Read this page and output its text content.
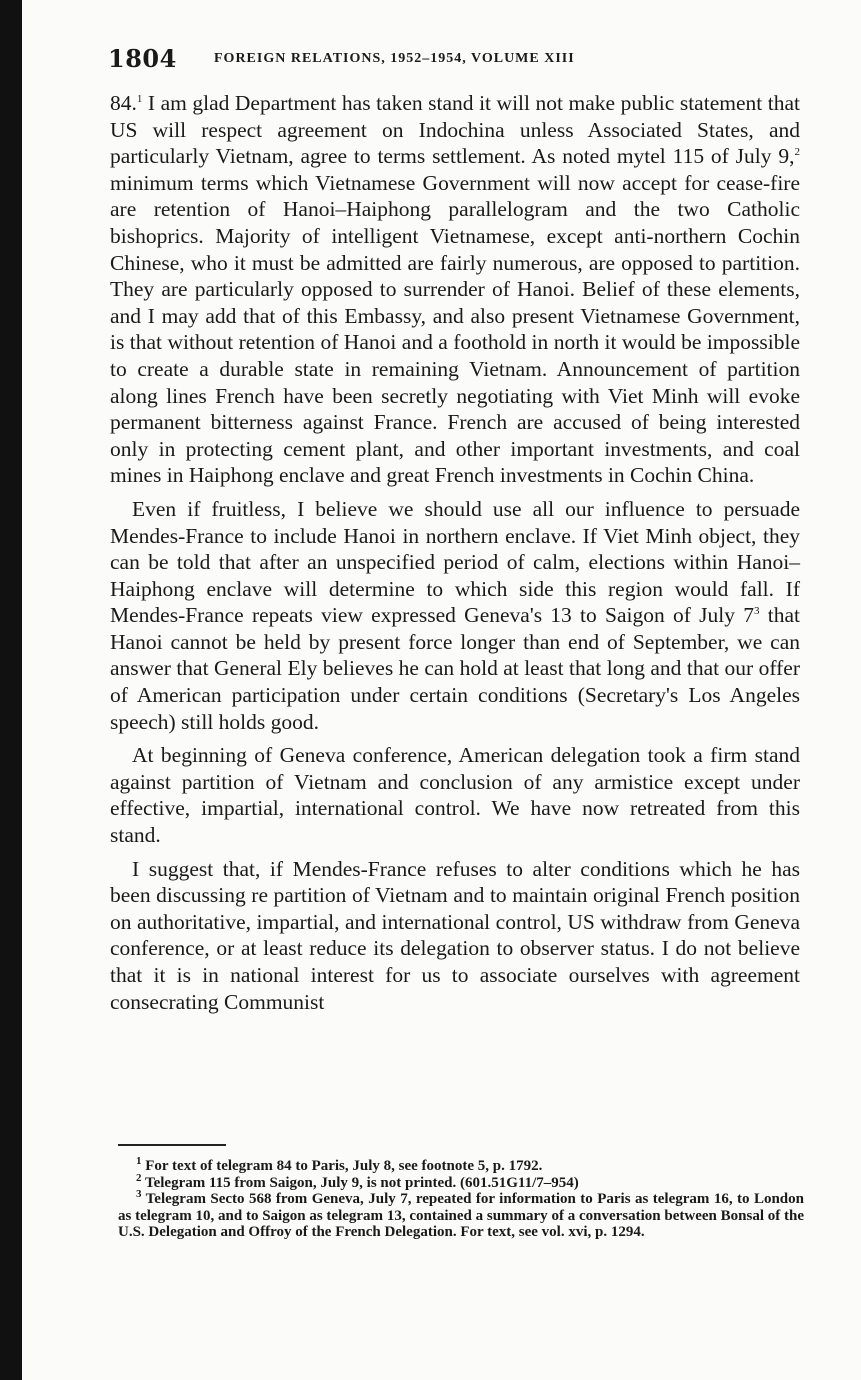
1804	FOREIGN RELATIONS, 1952–1954, VOLUME XIII

84.$^1$ I am glad Department has taken stand it will not make public statement that US will respect agreement on Indochina unless Associated States, and particularly Vietnam, agree to terms settlement. As noted mytel 115 of July 9,$^2$ minimum terms which Vietnamese Government will now accept for cease-fire are retention of Hanoi–Haiphong parallelogram and the two Catholic bishoprics. Majority of intelligent Vietnamese, except anti-northern Cochin Chinese, who it must be admitted are fairly numerous, are opposed to partition. They are particularly opposed to surrender of Hanoi. Belief of these elements, and I may add that of this Embassy, and also present Vietnamese Government, is that without retention of Hanoi and a foothold in north it would be impossible to create a durable state in remaining Vietnam. Announcement of partition along lines French have been secretly negotiating with Viet Minh will evoke permanent bitterness against France. French are accused of being interested only in protecting cement plant, and other important investments, and coal mines in Haiphong enclave and great French investments in Cochin China.

Even if fruitless, I believe we should use all our influence to persuade Mendes-France to include Hanoi in northern enclave. If Viet Minh object, they can be told that after an unspecified period of calm, elections within Hanoi–Haiphong enclave will determine to which side this region would fall. If Mendes-France repeats view expressed Geneva's 13 to Saigon of July $7^3$ that Hanoi cannot be held by present force longer than end of September, we can answer that General Ely believes he can hold at least that long and that our offer of American participation under certain conditions (Secretary's Los Angeles speech) still holds good.

At beginning of Geneva conference, American delegation took a firm stand against partition of Vietnam and conclusion of any armistice except under effective, impartial, international control. We have now retreated from this stand.

I suggest that, if Mendes-France refuses to alter conditions which he has been discussing re partition of Vietnam and to maintain original French position on authoritative, impartial, and international control, US withdraw from Geneva conference, or at least reduce its delegation to observer status. I do not believe that it is in national interest for us to associate ourselves with agreement consecrating Communist

$^1$ For text of telegram 84 to Paris, July 8, see footnote 5, p. 1792.

$^2$ Telegram 115 from Saigon, July 9, is not printed. (601.51G11/7–954)

$^3$ Telegram Secto 568 from Geneva, July 7, repeated for information to Paris as telegram 16, to London as telegram 10, and to Saigon as telegram 13, contained a summary of a conversation between Bonsal of the U.S. Delegation and Offroy of the French Delegation. For text, see vol. xvi, p. 1294.
